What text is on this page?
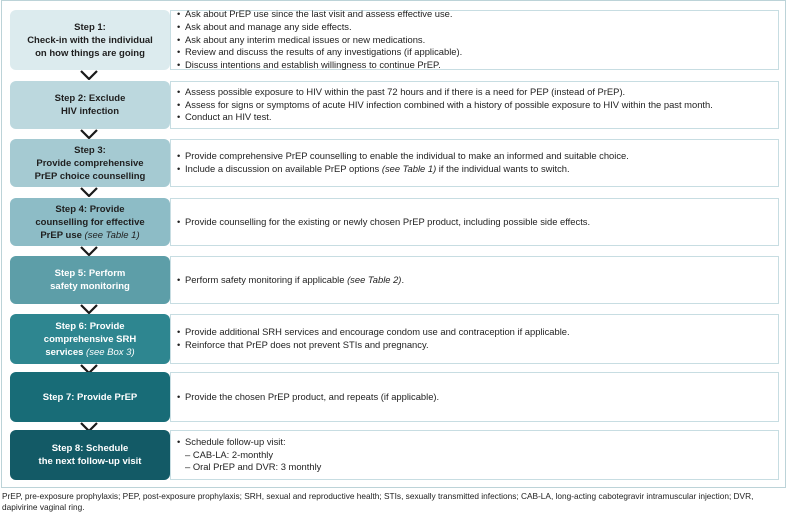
Step 1:
Check-in with the individual
on how things are going
• Ask about PrEP use since the last visit and assess effective use.
• Ask about and manage any side effects.
• Ask about any interim medical issues or new medications.
• Review and discuss the results of any investigations (if applicable).
• Discuss intentions and establish willingness to continue PrEP.
Step 2: Exclude
HIV infection
• Assess possible exposure to HIV within the past 72 hours and if there is a need for PEP (instead of PrEP).
• Assess for signs or symptoms of acute HIV infection combined with a history of possible exposure to HIV within the past month.
• Conduct an HIV test.
Step 3:
Provide comprehensive
PrEP choice counselling
• Provide comprehensive PrEP counselling to enable the individual to make an informed and suitable choice.
• Include a discussion on available PrEP options (see Table 1) if the individual wants to switch.
Step 4: Provide
counselling for effective
PrEP use (see Table 1)
• Provide counselling for the existing or newly chosen PrEP product, including possible side effects.
Step 5: Perform
safety monitoring
• Perform safety monitoring if applicable (see Table 2).
Step 6: Provide
comprehensive SRH
services (see Box 3)
• Provide additional SRH services and encourage condom use and contraception if applicable.
• Reinforce that PrEP does not prevent STIs and pregnancy.
Step 7: Provide PrEP
•	Provide the chosen PrEP product, and repeats (if applicable).
Step 8: Schedule
the next follow-up visit
• Schedule follow-up visit:
– CAB-LA: 2-monthly
– Oral PrEP and DVR: 3 monthly
PrEP, pre-exposure prophylaxis; PEP, post-exposure prophylaxis; SRH, sexual and reproductive health; STIs, sexually transmitted infections; CAB-LA, long-acting cabotegravir intramuscular injection; DVR, dapivirine vaginal ring.
